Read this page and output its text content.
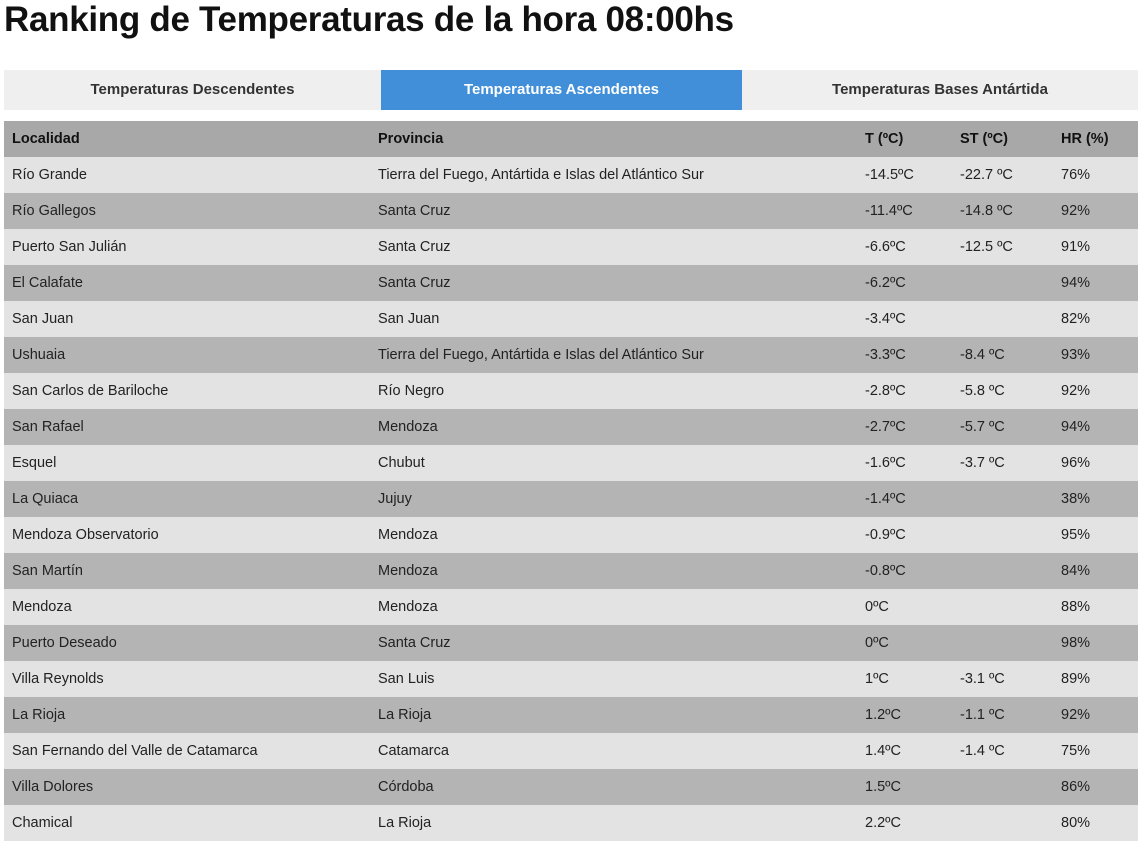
Ranking de Temperaturas de la hora 08:00hs
Temperaturas Descendentes	Temperaturas Ascendentes	Temperaturas Bases Antártida
Localidad	Provincia	T (ºC)	ST (ºC)	HR (%)
Río Grande	Tierra del Fuego, Antártida e Islas del Atlántico Sur	-14.5ºC	-22.7 ºC	76%
Río Gallegos	Santa Cruz	-11.4ºC	-14.8 ºC	92%
Puerto San Julián	Santa Cruz	-6.6ºC	-12.5 ºC	91%
El Calafate	Santa Cruz	-6.2ºC		94%
San Juan	San Juan	-3.4ºC		82%
Ushuaia	Tierra del Fuego, Antártida e Islas del Atlántico Sur	-3.3ºC	-8.4 ºC	93%
San Carlos de Bariloche	Río Negro	-2.8ºC	-5.8 ºC	92%
San Rafael	Mendoza	-2.7ºC	-5.7 ºC	94%
Esquel	Chubut	-1.6ºC	-3.7 ºC	96%
La Quiaca	Jujuy	-1.4ºC		38%
Mendoza Observatorio	Mendoza	-0.9ºC		95%
San Martín	Mendoza	-0.8ºC		84%
Mendoza	Mendoza	0ºC		88%
Puerto Deseado	Santa Cruz	0ºC		98%
Villa Reynolds	San Luis	1ºC	-3.1 ºC	89%
La Rioja	La Rioja	1.2ºC	-1.1 ºC	92%
San Fernando del Valle de Catamarca	Catamarca	1.4ºC	-1.4 ºC	75%
Villa Dolores	Córdoba	1.5ºC		86%
Chamical	La Rioja	2.2ºC		80%
